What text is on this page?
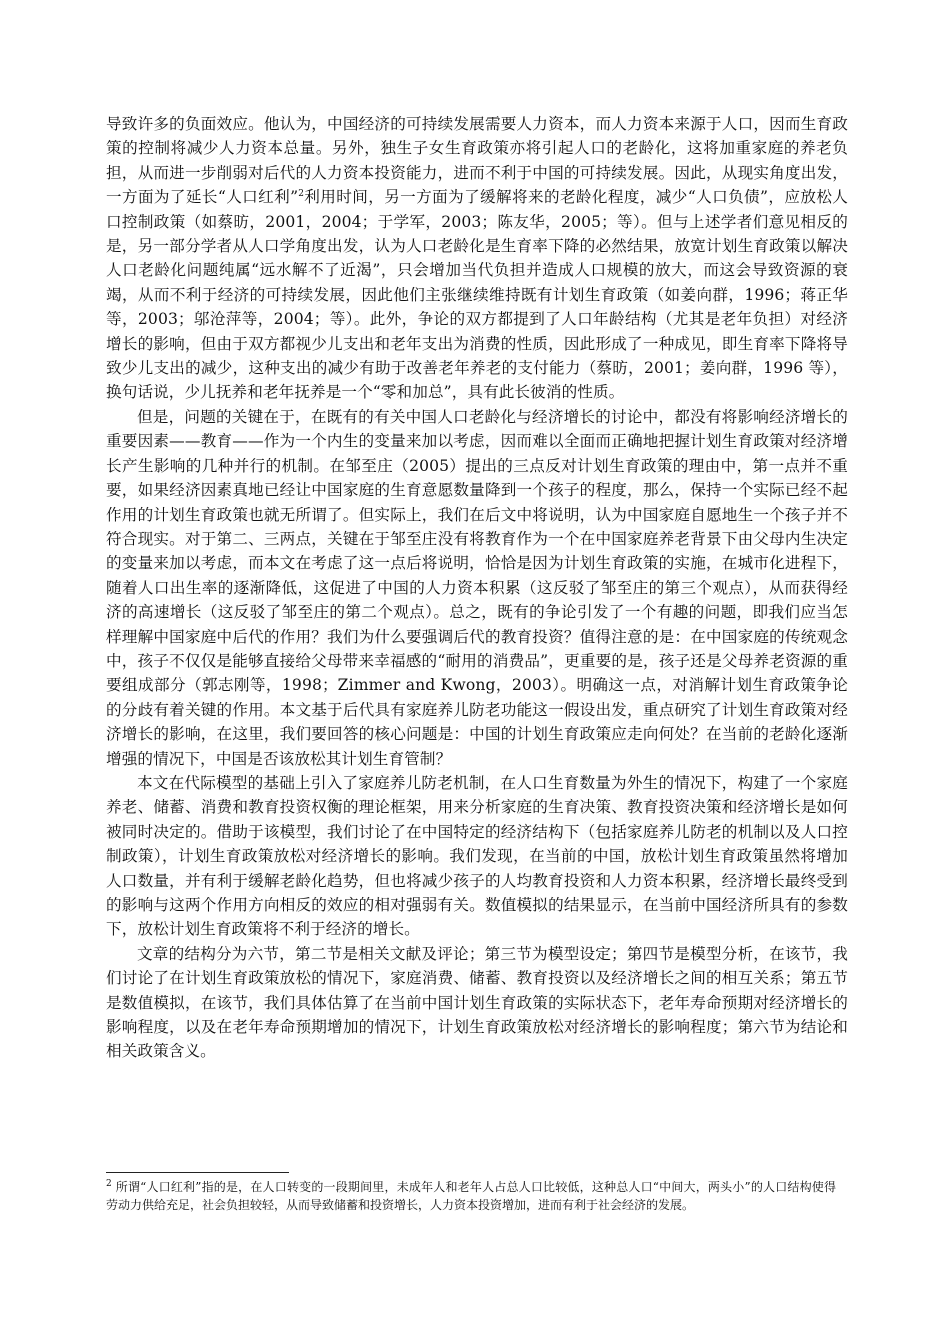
导致许多的负面效应。他认为，中国经济的可持续发展需要人力资本，而人力资本来源于人口，因而生育政策的控制将减少人力资本总量。另外，独生子女生育政策亦将引起人口的老龄化，这将加重家庭的养老负担，从而进一步削弱对后代的人力资本投资能力，进而不利于中国的可持续发展。因此，从现实角度出发，一方面为了延长“人口红利”$^2$利用时间，另一方面为了缓解将来的老龄化程度，减少“人口负债”，应放松人口控制政策（如蔡昉，2001，2004；于学军，2003；陈友华，2005；等）。但与上述学者们意见相反的是，另一部分学者从人口学角度出发，认为人口老龄化是生育率下降的必然结果，放宽计划生育政策以解决人口老龄化问题纯属“远水解不了近渴”，只会增加当代负担并造成人口规模的放大，而这会导致资源的衰竭，从而不利于经济的可持续发展，因此他们主张继续维持既有计划生育政策（如姜向群，1996；蒋正华等，2003；邬沧萍等，2004；等）。此外，争论的双方都提到了人口年龄结构（尤其是老年负担）对经济增长的影响，但由于双方都视少儿支出和老年支出为消费的性质，因此形成了一种成见，即生育率下降将导致少儿支出的减少，这种支出的减少有助于改善老年养老的支付能力（蔡昉，2001；姜向群，1996 等），换句话说，少儿抚养和老年抚养是一个“零和加总”，具有此长彼消的性质。

但是，问题的关键在于，在既有的有关中国人口老龄化与经济增长的讨论中，都没有将影响经济增长的重要因素——教育——作为一个内生的变量来加以考虑，因而难以全面而正确地把握计划生育政策对经济增长产生影响的几种并行的机制。在邹至庄（2005）提出的三点反对计划生育政策的理由中，第一点并不重要，如果经济因素真地已经让中国家庭的生育意愿数量降到一个孩子的程度，那么，保持一个实际已经不起作用的计划生育政策也就无所谓了。但实际上，我们在后文中将说明，认为中国家庭自愿地生一个孩子并不符合现实。对于第二、三两点，关键在于邹至庄没有将教育作为一个在中国家庭养老背景下由父母内生决定的变量来加以考虑，而本文在考虑了这一点后将说明，恰恰是因为计划生育政策的实施，在城市化进程下，随着人口出生率的逐渐降低，这促进了中国的人力资本积累（这反驳了邹至庄的第三个观点），从而获得经济的高速增长（这反驳了邹至庄的第二个观点）。总之，既有的争论引发了一个有趣的问题，即我们应当怎样理解中国家庭中后代的作用？我们为什么要强调后代的教育投资？值得注意的是：在中国家庭的传统观念中，孩子不仅仅是能够直接给父母带来幸福感的“耐用的消费品”，更重要的是，孩子还是父母养老资源的重要组成部分（郭志刚等，1998；Zimmer and Kwong，2003）。明确这一点，对消解计划生育政策争论的分歧有着关键的作用。本文基于后代具有家庭养儿防老功能这一假设出发，重点研究了计划生育政策对经济增长的影响，在这里，我们要回答的核心问题是：中国的计划生育政策应走向何处？在当前的老龄化逐渐增强的情况下，中国是否该放松其计划生育管制？

本文在代际模型的基础上引入了家庭养儿防老机制，在人口生育数量为外生的情况下，构建了一个家庭养老、储蓄、消费和教育投资权衡的理论框架，用来分析家庭的生育决策、教育投资决策和经济增长是如何被同时决定的。借助于该模型，我们讨论了在中国特定的经济结构下（包括家庭养儿防老的机制以及人口控制政策），计划生育政策放松对经济增长的影响。我们发现，在当前的中国，放松计划生育政策虽然将增加人口数量，并有利于缓解老龄化趋势，但也将减少孩子的人均教育投资和人力资本积累，经济增长最终受到的影响与这两个作用方向相反的效应的相对强弱有关。数值模拟的结果显示，在当前中国经济所具有的参数下，放松计划生育政策将不利于经济的增长。

文章的结构分为六节，第二节是相关文献及评论；第三节为模型设定；第四节是模型分析，在该节，我们讨论了在计划生育政策放松的情况下，家庭消费、储蓄、教育投资以及经济增长之间的相互关系；第五节是数值模拟，在该节，我们具体估算了在当前中国计划生育政策的实际状态下，老年寿命预期对经济增长的影响程度，以及在老年寿命预期增加的情况下，计划生育政策放松对经济增长的影响程度；第六节为结论和相关政策含义。

$^2$ 所谓“人口红利”指的是，在人口转变的一段期间里，未成年人和老年人占总人口比较低，这种总人口“中间大，两头小”的人口结构使得劳动力供给充足，社会负担较轻，从而导致储蓄和投资增长，人力资本投资增加，进而有利于社会经济的发展。
